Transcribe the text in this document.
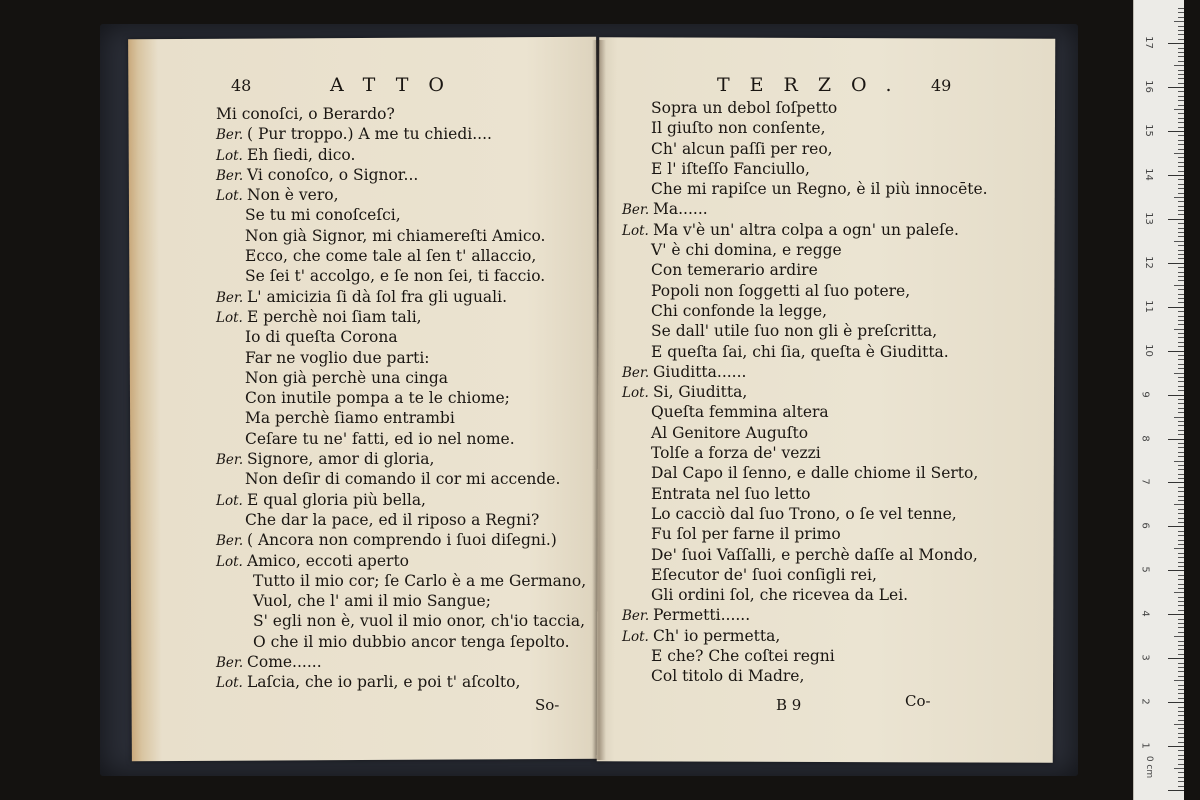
48	ATTO	TERZO. 49
Mi conoſci, o Berardo?
Ber. ( Pur troppo.) A me tu chiedi....
Lot. Eh ſiedi, dico.
Ber. Vi conoſco, o Signor...
Lot. Non è vero,
Se tu mi conoſceſci,
Non già Signor, mi chiamereſti Amico.
Ecco, che come tale al ſen t' allaccio,
Se ſei t' accolgo, e ſe non ſei, ti faccio.
Ber. L' amicizia ſi dà ſol fra gli uguali.
Lot. E perchè noi ſiam tali,
Io di queſta Corona
Far ne voglio due parti:
Non già perchè una cinga
Con inutile pompa a te le chiome;
Ma perchè ſiamo entrambi
Ceſare tu ne' fatti, ed io nel nome.
Ber. Signore, amor di gloria,
Non deſir di comando il cor mi accende.
Lot. E qual gloria più bella,
Che dar la pace, ed il riposo a Regni?
Ber. ( Ancora non comprendo i ſuoi diſegni.)
Lot. Amico, eccoti aperto
Tutto il mio cor; ſe Carlo è a me Germano,
Vuol, che l' ami il mio Sangue;
S' egli non è, vuol il mio onor, ch'io taccia,
O che il mio dubbio ancor tenga ſepolto.
Ber. Come......
Lot. Laſcia, che io parli, e poi t' aſcolto,
Sopra un debol ſoſpetto
Il giuſto non conſente,
Ch' alcun paſſi per reo,
E l' iſteſſo Fanciullo,
Che mi rapiſce un Regno, è il più innocēte.
Ber. Ma......
Lot. Ma v'è un' altra colpa a ogn' un paleſe.
V' è chi domina, e regge
Con temerario ardire
Popoli non ſoggetti al ſuo potere,
Chi confonde la legge,
Se dall' utile ſuo non gli è preſcritta,
E queſta ſai, chi ſia, queſta è Giuditta.
Ber. Giuditta......
Lot. Si, Giuditta,
Queſta femmina altera
Al Genitore Auguſto
Tolſe a forza de' vezzi
Dal Capo il ſenno, e dalle chiome il Serto,
Entrata nel ſuo letto
Lo cacciò dal ſuo Trono, o ſe vel tenne,
Fu ſol per farne il primo
De' ſuoi Vaſſalli, e perchè daſſe al Mondo,
Eſecutor de' ſuoi conſigli rei,
Gli ordini ſol, che ricevea da Lei.
Ber. Permetti......
Lot. Ch' io permetta,
E che? Che coſtei regni
Col titolo di Madre,
So-	B 9	Co-
0 cm
1
2
3
4
5
6
7
8
9
10
11
12
13
14
15
16
17
